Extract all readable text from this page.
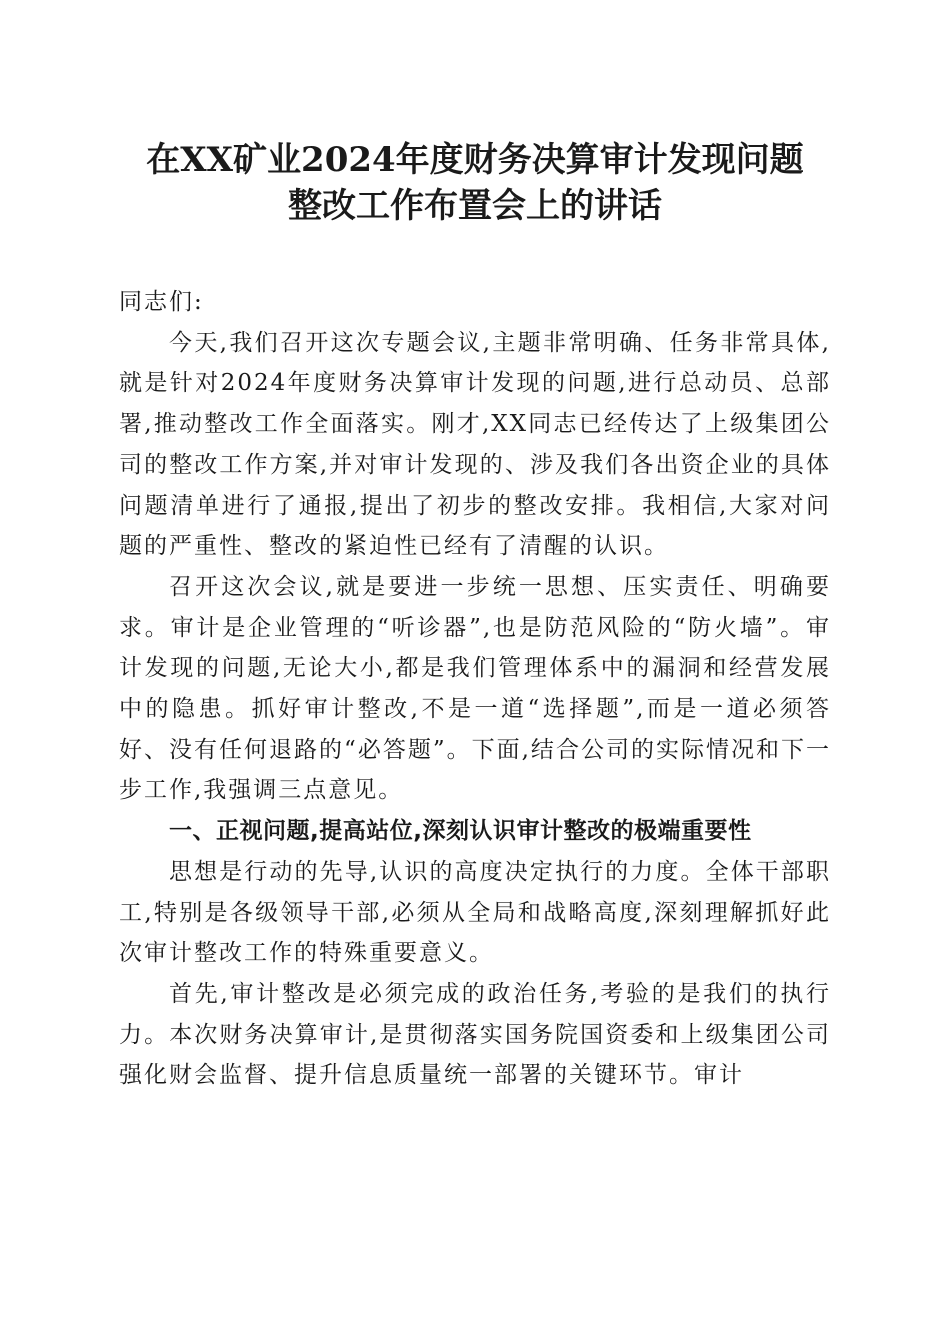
在XX矿业2024年度财务决算审计发现问题
整改工作布置会上的讲话

同志们:

今天,我们召开这次专题会议,主题非常明确、任务非常具体,就是针对2024年度财务决算审计发现的问题,进行总动员、总部署,推动整改工作全面落实。刚才,XX同志已经传达了上级集团公司的整改工作方案,并对审计发现的、涉及我们各出资企业的具体问题清单进行了通报,提出了初步的整改安排。我相信,大家对问题的严重性、整改的紧迫性已经有了清醒的认识。

召开这次会议,就是要进一步统一思想、压实责任、明确要求。审计是企业管理的“听诊器”,也是防范风险的“防火墙”。审计发现的问题,无论大小,都是我们管理体系中的漏洞和经营发展中的隐患。抓好审计整改,不是一道“选择题”,而是一道必须答好、没有任何退路的“必答题”。下面,结合公司的实际情况和下一步工作,我强调三点意见。

一、正视问题,提高站位,深刻认识审计整改的极端重要性

思想是行动的先导,认识的高度决定执行的力度。全体干部职工,特别是各级领导干部,必须从全局和战略高度,深刻理解抓好此次审计整改工作的特殊重要意义。

首先,审计整改是必须完成的政治任务,考验的是我们的执行力。本次财务决算审计,是贯彻落实国务院国资委和上级集团公司强化财会监督、提升信息质量统一部署的关键环节。审计
